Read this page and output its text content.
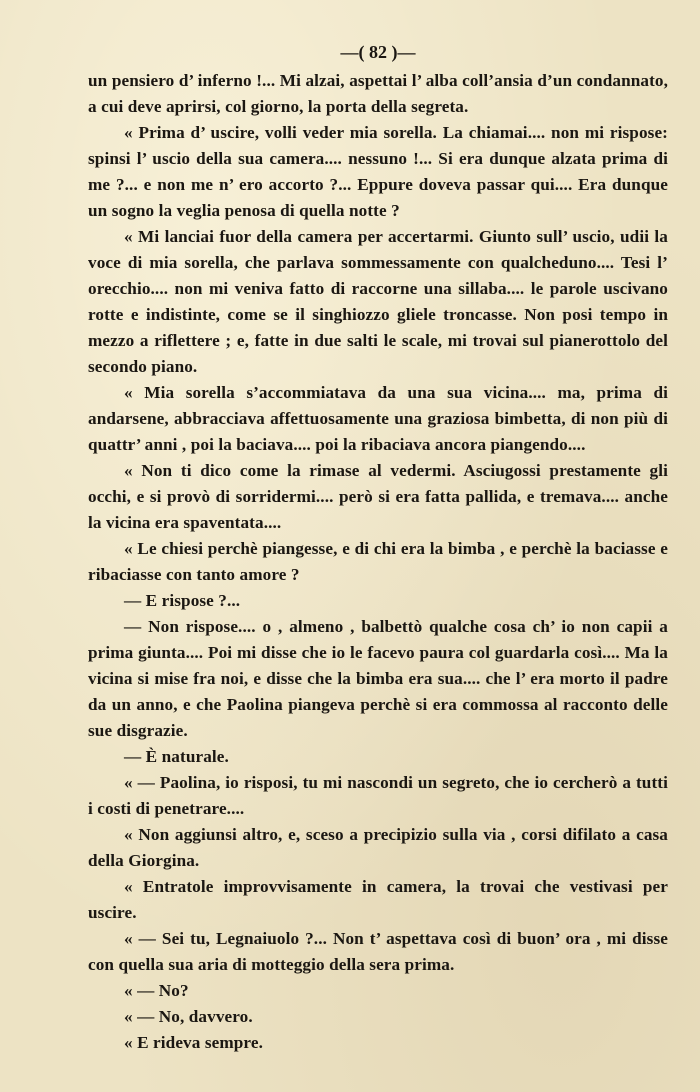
—( 82 )—

un pensiero d’ inferno !... Mi alzai, aspettai l’ alba coll’ansia d’un condannato, a cui deve aprirsi, col giorno, la porta della segreta.

« Prima d’ uscire, volli veder mia sorella. La chiamai.... non mi rispose: spinsi l’ uscio della sua camera.... nessuno !... Si era dunque alzata prima di me ?... e non me n’ ero accorto ?... Eppure doveva passar qui.... Era dunque un sogno la veglia penosa di quella notte ?

« Mi lanciai fuor della camera per accertarmi. Giunto sull’ uscio, udii la voce di mia sorella, che parlava sommessamente con qualcheduno.... Tesi l’ orecchio.... non mi veniva fatto di raccorne una sillaba.... le parole uscivano rotte e indistinte, come se il singhiozzo gliele troncasse. Non posi tempo in mezzo a riflettere ; e, fatte in due salti le scale, mi trovai sul pianerottolo del secondo piano.

« Mia sorella s’accommiatava da una sua vicina.... ma, prima di andarsene, abbracciava affettuosamente una graziosa bimbetta, di non più di quattr’ anni , poi la baciava.... poi la ribaciava ancora piangendo....

« Non ti dico come la rimase al vedermi. Asciugossi prestamente gli occhi, e si provò di sorridermi.... però si era fatta pallida, e tremava.... anche la vicina era spaventata....

« Le chiesi perchè piangesse, e di chi era la bimba , e perchè la baciasse e ribaciasse con tanto amore ?

— E rispose ?...

— Non rispose.... o , almeno , balbettò qualche cosa ch’ io non capii a prima giunta.... Poi mi disse che io le facevo paura col guardarla così.... Ma la vicina si mise fra noi, e disse che la bimba era sua.... che l’ era morto il padre da un anno, e che Paolina piangeva perchè si era commossa al racconto delle sue disgrazie.

— È naturale.

« — Paolina, io risposi, tu mi nascondi un segreto, che io cercherò a tutti i costi di penetrare....

« Non aggiunsi altro, e, sceso a precipizio sulla via , corsi difilato a casa della Giorgina.

« Entratole improvvisamente in camera, la trovai che vestivasi per uscire.

« — Sei tu, Legnaiuolo ?... Non t’ aspettava così di buon’ ora , mi disse con quella sua aria di motteggio della sera prima.

« — No?

« — No, davvero.

« E rideva sempre.
